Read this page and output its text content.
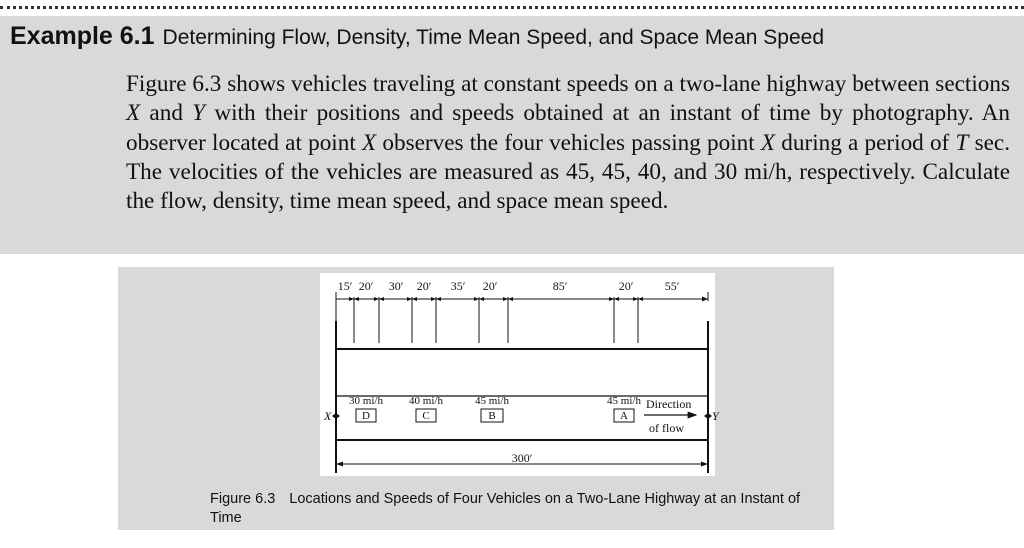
Example 6.1 Determining Flow, Density, Time Mean Speed, and Space Mean Speed
Figure 6.3 shows vehicles traveling at constant speeds on a two-lane highway between sections X and Y with their positions and speeds obtained at an instant of time by photography. An observer located at point X observes the four vehicles passing point X during a period of T sec. The velocities of the vehicles are measured as 45, 45, 40, and 30 mi/h, respectively. Calculate the flow, density, time mean speed, and space mean speed.
15′ 20′ 30′ 20′ 35′ 20′	85′	20′	55′
X	Y
30 mi/h
D
40 mi/h
C
45 mi/h
B
45 mi/h
A
Direction
of flow
300′
Figure 6.3 Locations and Speeds of Four Vehicles on a Two-Lane Highway at an Instant of Time
